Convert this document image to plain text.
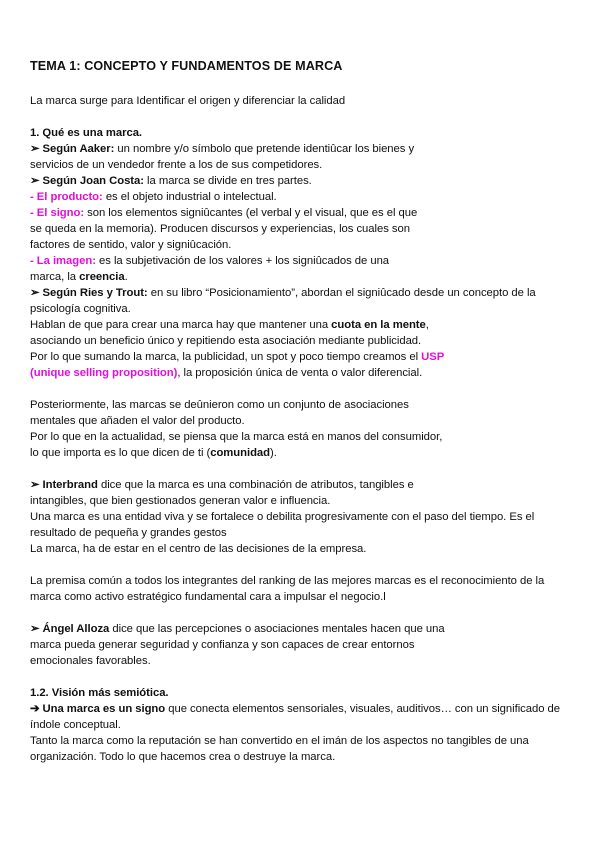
TEMA 1: CONCEPTO Y FUNDAMENTOS DE MARCA
La marca surge para Identificar el origen y diferenciar la calidad
1. Qué es una marca.
➢ Según Aaker: un nombre y/o símbolo que pretende identiûcar los bienes y
servicios de un vendedor frente a los de sus competidores.
➢ Según Joan Costa: la marca se divide en tres partes.
- El producto: es el objeto industrial o intelectual.
- El signo: son los elementos signiûcantes (el verbal y el visual, que es el que
se queda en la memoria). Producen discursos y experiencias, los cuales son
factores de sentido, valor y signiûcación.
- La imagen: es la subjetivación de los valores + los signiûcados de una
marca, la creencia.
➢ Según Ries y Trout: en su libro “Posicionamiento”, abordan el signiûcado desde un concepto de la
psicología cognitiva.
Hablan de que para crear una marca hay que mantener una cuota en la mente,
asociando un beneficio único y repitiendo esta asociación mediante publicidad.
Por lo que sumando la marca, la publicidad, un spot y poco tiempo creamos el USP
(unique selling proposition), la proposición única de venta o valor diferencial.
Posteriormente, las marcas se deûnieron como un conjunto de asociaciones
mentales que añaden el valor del producto.
Por lo que en la actualidad, se piensa que la marca está en manos del consumidor,
lo que importa es lo que dicen de ti (comunidad).
➢ Interbrand dice que la marca es una combinación de atributos, tangibles e
intangibles, que bien gestionados generan valor e influencia.
Una marca es una entidad viva y se fortalece o debilita progresivamente con el paso del tiempo. Es el
resultado de pequeña y grandes gestos
La marca, ha de estar en el centro de las decisiones de la empresa.
La premisa común a todos los integrantes del ranking de las mejores marcas es el reconocimiento de la
marca como activo estratégico fundamental cara a impulsar el negocio.l
➢ Ángel Alloza dice que las percepciones o asociaciones mentales hacen que una
marca pueda generar seguridad y confianza y son capaces de crear entornos
emocionales favorables.
1.2. Visión más semiótica.
➔ Una marca es un signo que conecta elementos sensoriales, visuales, auditivos… con un significado de
índole conceptual.
Tanto la marca como la reputación se han convertido en el imán de los aspectos no tangibles de una
organización. Todo lo que hacemos crea o destruye la marca.
